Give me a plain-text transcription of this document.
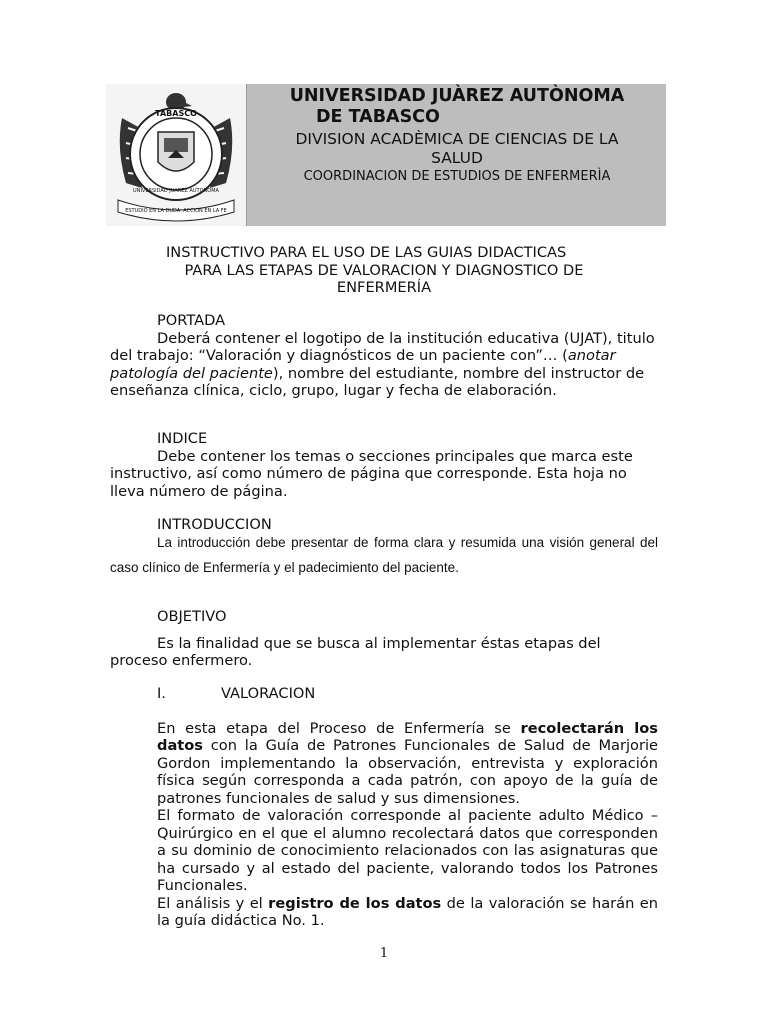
TABASCO
UNIVERSIDAD JUAREZ AUTONOMA
ESTUDIO EN LA DUDA. ACCION EN LA FE
UNIVERSIDAD JUÀREZ AUTÒNOMA
DE TABASCO
DIVISION ACADÈMICA DE CIENCIAS DE LA
SALUD
COORDINACION DE ESTUDIOS DE ENFERMERÌA
INSTRUCTIVO PARA EL USO DE LAS GUIAS DIDACTICAS
PARA LAS ETAPAS DE VALORACION Y DIAGNOSTICO DE
ENFERMERÍA
PORTADA
Deberá contener el logotipo de la institución educativa (UJAT), titulo del trabajo: “Valoración y diagnósticos de un paciente con”… (anotar patología del paciente), nombre del estudiante, nombre del instructor de enseñanza clínica, ciclo, grupo, lugar y fecha de elaboración.
INDICE
Debe contener los temas o secciones principales que marca este instructivo, así como número de página que corresponde. Esta hoja no lleva número de página.
INTRODUCCION
La introducción debe presentar de forma clara y resumida una visión general del caso clínico de Enfermería y el padecimiento del paciente.
OBJETIVO
Es la finalidad que se busca al implementar éstas etapas del proceso enfermero.
I.	VALORACION
En esta etapa del Proceso de Enfermería se recolectarán los datos con la Guía de Patrones Funcionales de Salud de Marjorie Gordon implementando la observación, entrevista y exploración física según corresponda a cada patrón, con apoyo de la guía de patrones funcionales de salud y sus dimensiones.
El formato de valoración corresponde al paciente adulto Médico – Quirúrgico en el que el alumno recolectará datos que corresponden a su dominio de conocimiento relacionados con las asignaturas que ha cursado y al estado del paciente, valorando todos los Patrones Funcionales.
El análisis y el registro de los datos de la valoración se harán en la guía didáctica No. 1.
1
